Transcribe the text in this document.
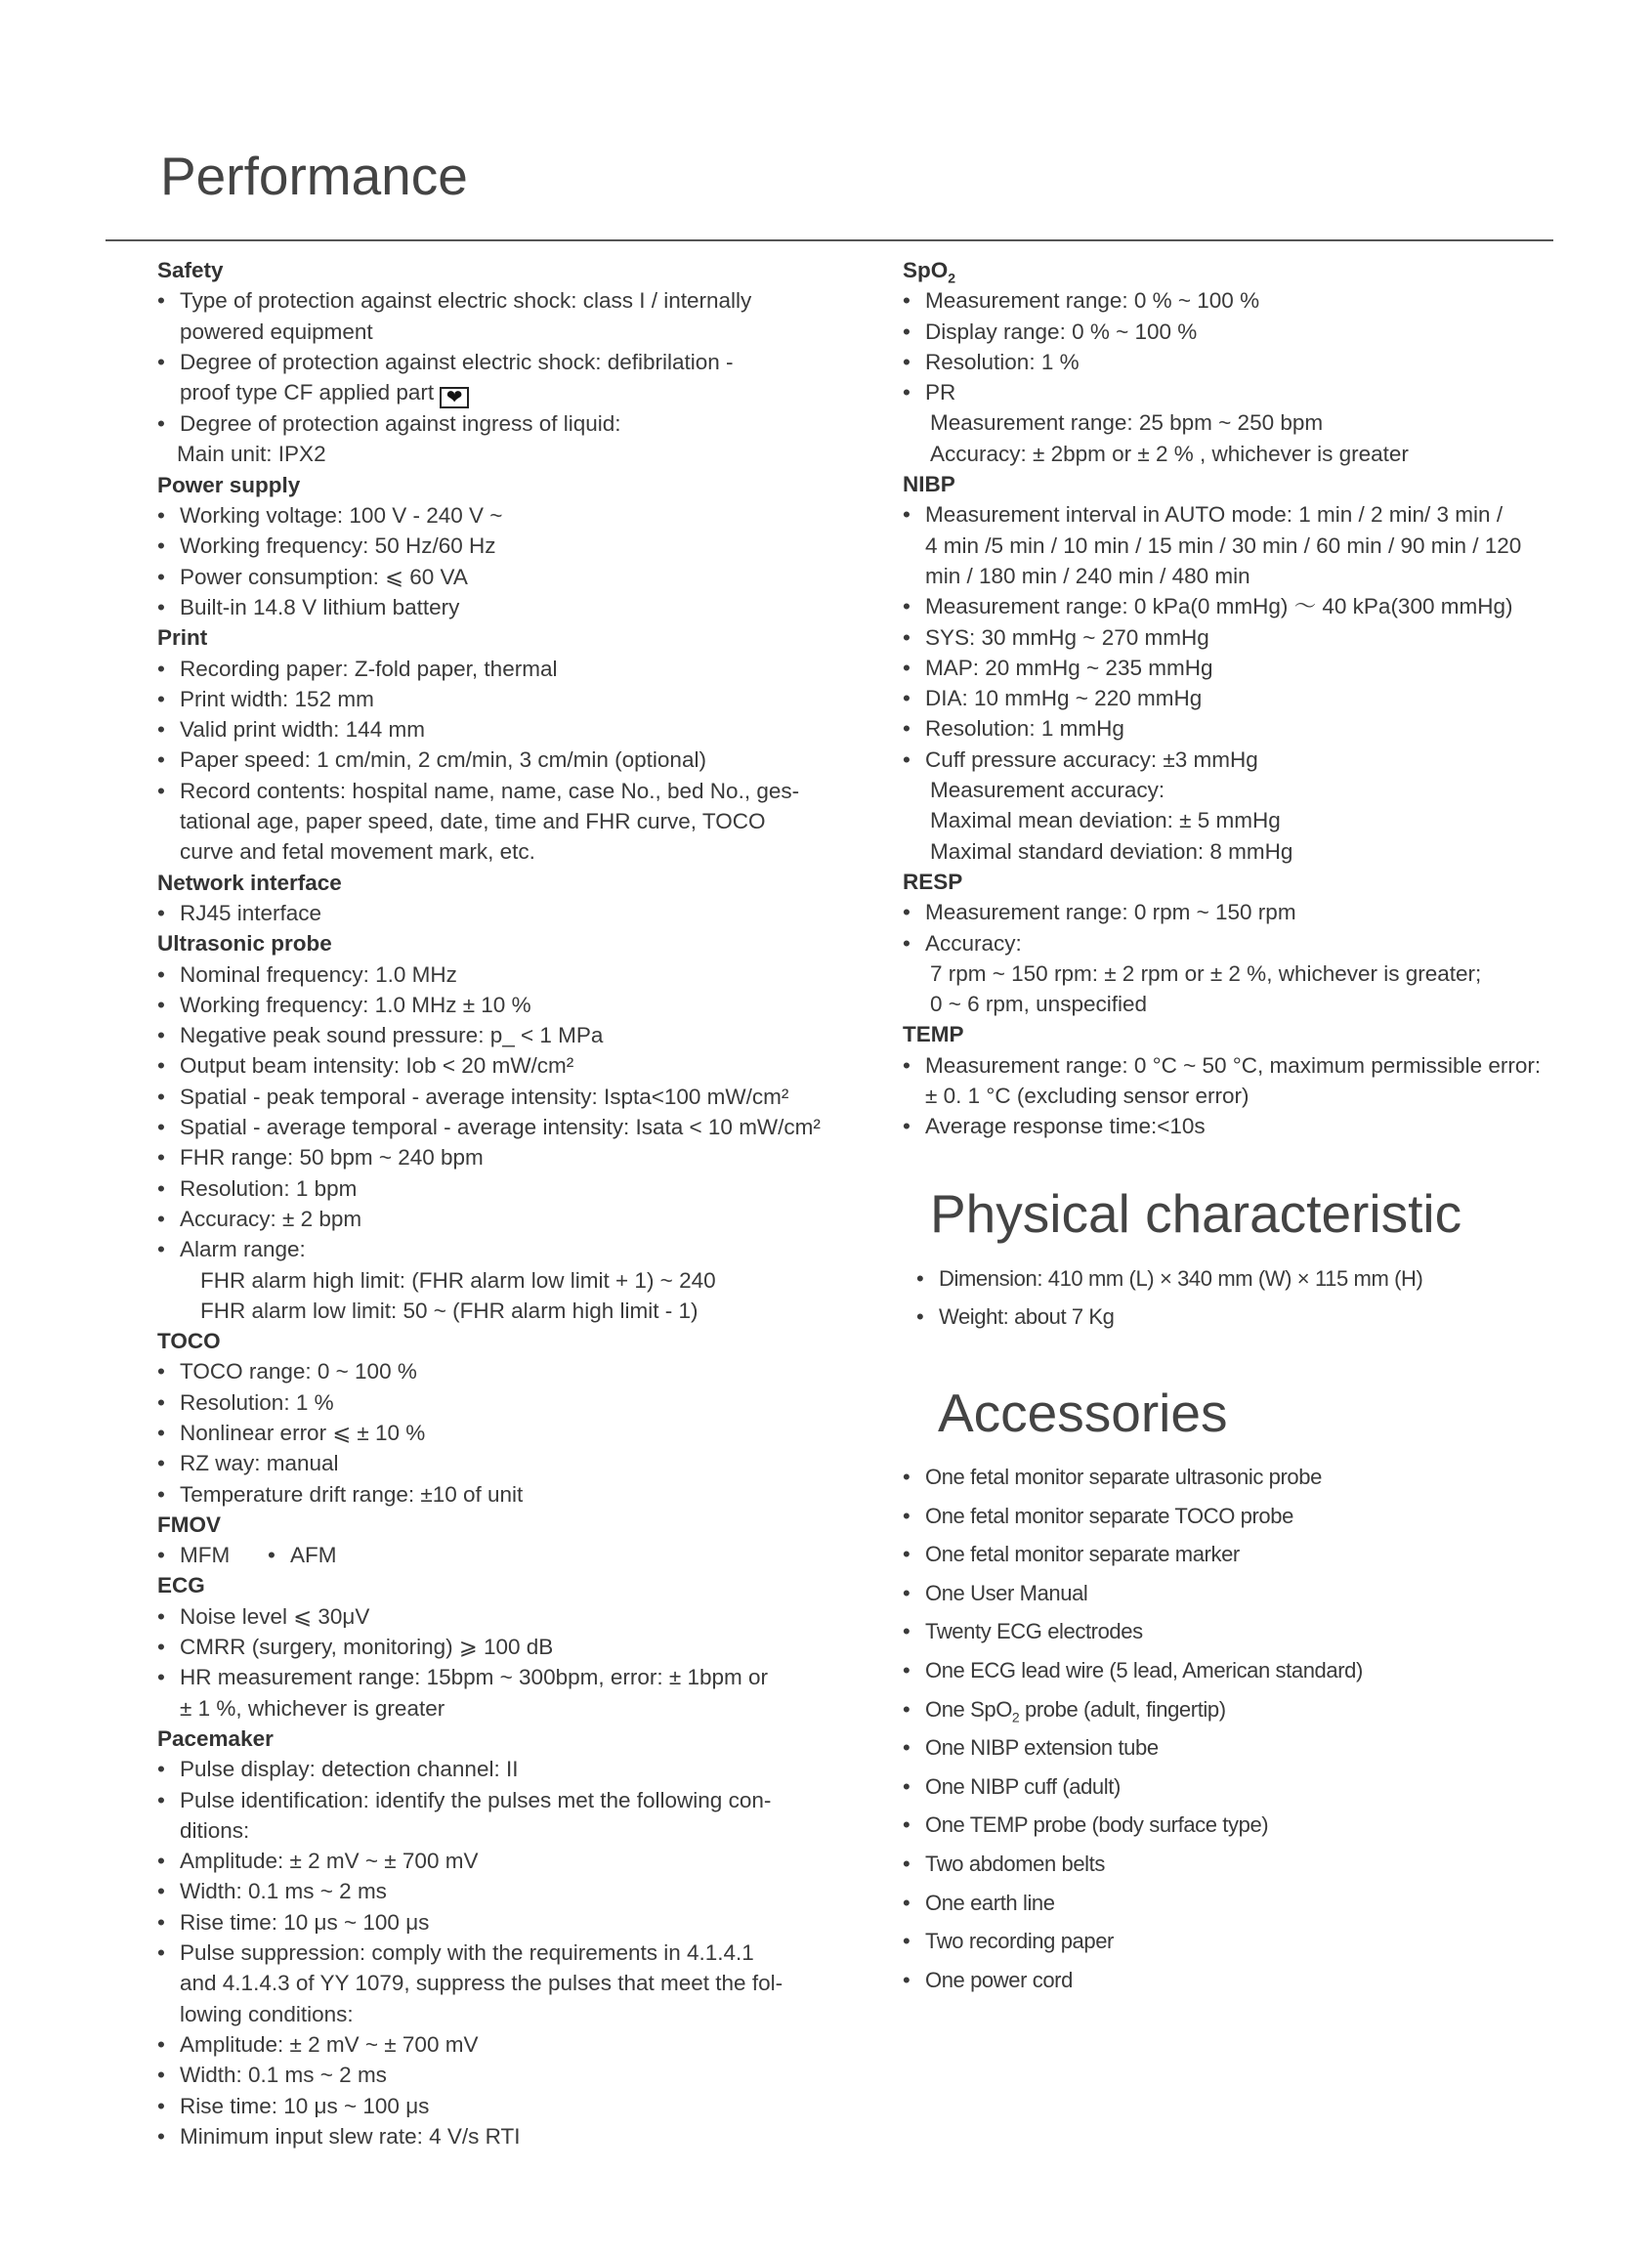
Performance
Safety
• Type of protection against electric shock: class I / internally
powered equipment
• Degree of protection against electric shock: defibrilation -
proof type CF applied part ❤
• Degree of protection against ingress of liquid:
Main unit: IPX2
Power supply
• Working voltage: 100 V - 240 V ~
• Working frequency: 50 Hz/60 Hz
• Power consumption: ⩽ 60 VA
• Built-in 14.8 V lithium battery
Print
• Recording paper: Z-fold paper, thermal
• Print width: 152 mm
• Valid print width: 144 mm
• Paper speed: 1 cm/min, 2 cm/min, 3 cm/min (optional)
• Record contents: hospital name, name, case No., bed No., ges-
tational age, paper speed, date, time and FHR curve, TOCO
curve and fetal movement mark, etc.
Network interface
• RJ45 interface
Ultrasonic probe
• Nominal frequency: 1.0 MHz
• Working frequency: 1.0 MHz ± 10 %
• Negative peak sound pressure: p_ < 1 MPa
• Output beam intensity: Iob < 20 mW/cm²
• Spatial - peak temporal - average intensity: Ispta<100 mW/cm²
• Spatial - average temporal - average intensity: Isata < 10 mW/cm²
• FHR range: 50 bpm ~ 240 bpm
• Resolution: 1 bpm
• Accuracy: ± 2 bpm
• Alarm range:
FHR alarm high limit: (FHR alarm low limit + 1) ~ 240
FHR alarm low limit: 50 ~ (FHR alarm high limit - 1)
TOCO
• TOCO range: 0 ~ 100 %
• Resolution: 1 %
• Nonlinear error ⩽ ± 10 %
• RZ way: manual
• Temperature drift range: ±10 of unit
FMOV
• MFM	• AFM
ECG
• Noise level ⩽ 30μV
• CMRR (surgery, monitoring) ⩾ 100 dB
• HR measurement range: 15bpm ~ 300bpm, error: ± 1bpm or
± 1 %, whichever is greater
Pacemaker
• Pulse display: detection channel: II
• Pulse identification: identify the pulses met the following con-
ditions:
• Amplitude: ± 2 mV ~ ± 700 mV
• Width: 0.1 ms ~ 2 ms
• Rise time: 10 μs ~ 100 μs
• Pulse suppression: comply with the requirements in 4.1.4.1
and 4.1.4.3 of YY 1079, suppress the pulses that meet the fol-
lowing conditions:
• Amplitude: ± 2 mV ~ ± 700 mV
• Width: 0.1 ms ~ 2 ms
• Rise time: 10 μs ~ 100 μs
• Minimum input slew rate: 4 V/s RTI
SpO$_2$
• Measurement range: 0 % ~ 100 %
• Display range: 0 % ~ 100 %
• Resolution: 1 %
• PR
Measurement range: 25 bpm ~ 250 bpm
Accuracy: ± 2bpm or ± 2 % , whichever is greater
NIBP
• Measurement interval in AUTO mode: 1 min / 2 min/ 3 min /
4 min /5 min / 10 min / 15 min / 30 min / 60 min / 90 min / 120
min / 180 min / 240 min / 480 min
• Measurement range: 0 kPa(0 mmHg) ～ 40 kPa(300 mmHg)
• SYS: 30 mmHg ~ 270 mmHg
• MAP: 20 mmHg ~ 235 mmHg
• DIA: 10 mmHg ~ 220 mmHg
• Resolution: 1 mmHg
• Cuff pressure accuracy: ±3 mmHg
Measurement accuracy:
Maximal mean deviation: ± 5 mmHg
Maximal standard deviation: 8 mmHg
RESP
• Measurement range: 0 rpm ~ 150 rpm
• Accuracy:
7 rpm ~ 150 rpm: ± 2 rpm or ± 2 %, whichever is greater;
0 ~ 6 rpm, unspecified
TEMP
• Measurement range: 0 °C ~ 50 °C, maximum permissible error:
± 0. 1 °C (excluding sensor error)
• Average response time:<10s
Physical characteristic
• Dimension: 410 mm (L) × 340 mm (W) × 115 mm (H)
• Weight: about 7 Kg
Accessories
• One fetal monitor separate ultrasonic probe
• One fetal monitor separate TOCO probe
• One fetal monitor separate marker
• One User Manual
• Twenty ECG electrodes
• One ECG lead wire (5 lead, American standard)
• One SpO$_2$ probe (adult, fingertip)
• One NIBP extension tube
• One NIBP cuff (adult)
• One TEMP probe (body surface type)
• Two abdomen belts
• One earth line
• Two recording paper
• One power cord
